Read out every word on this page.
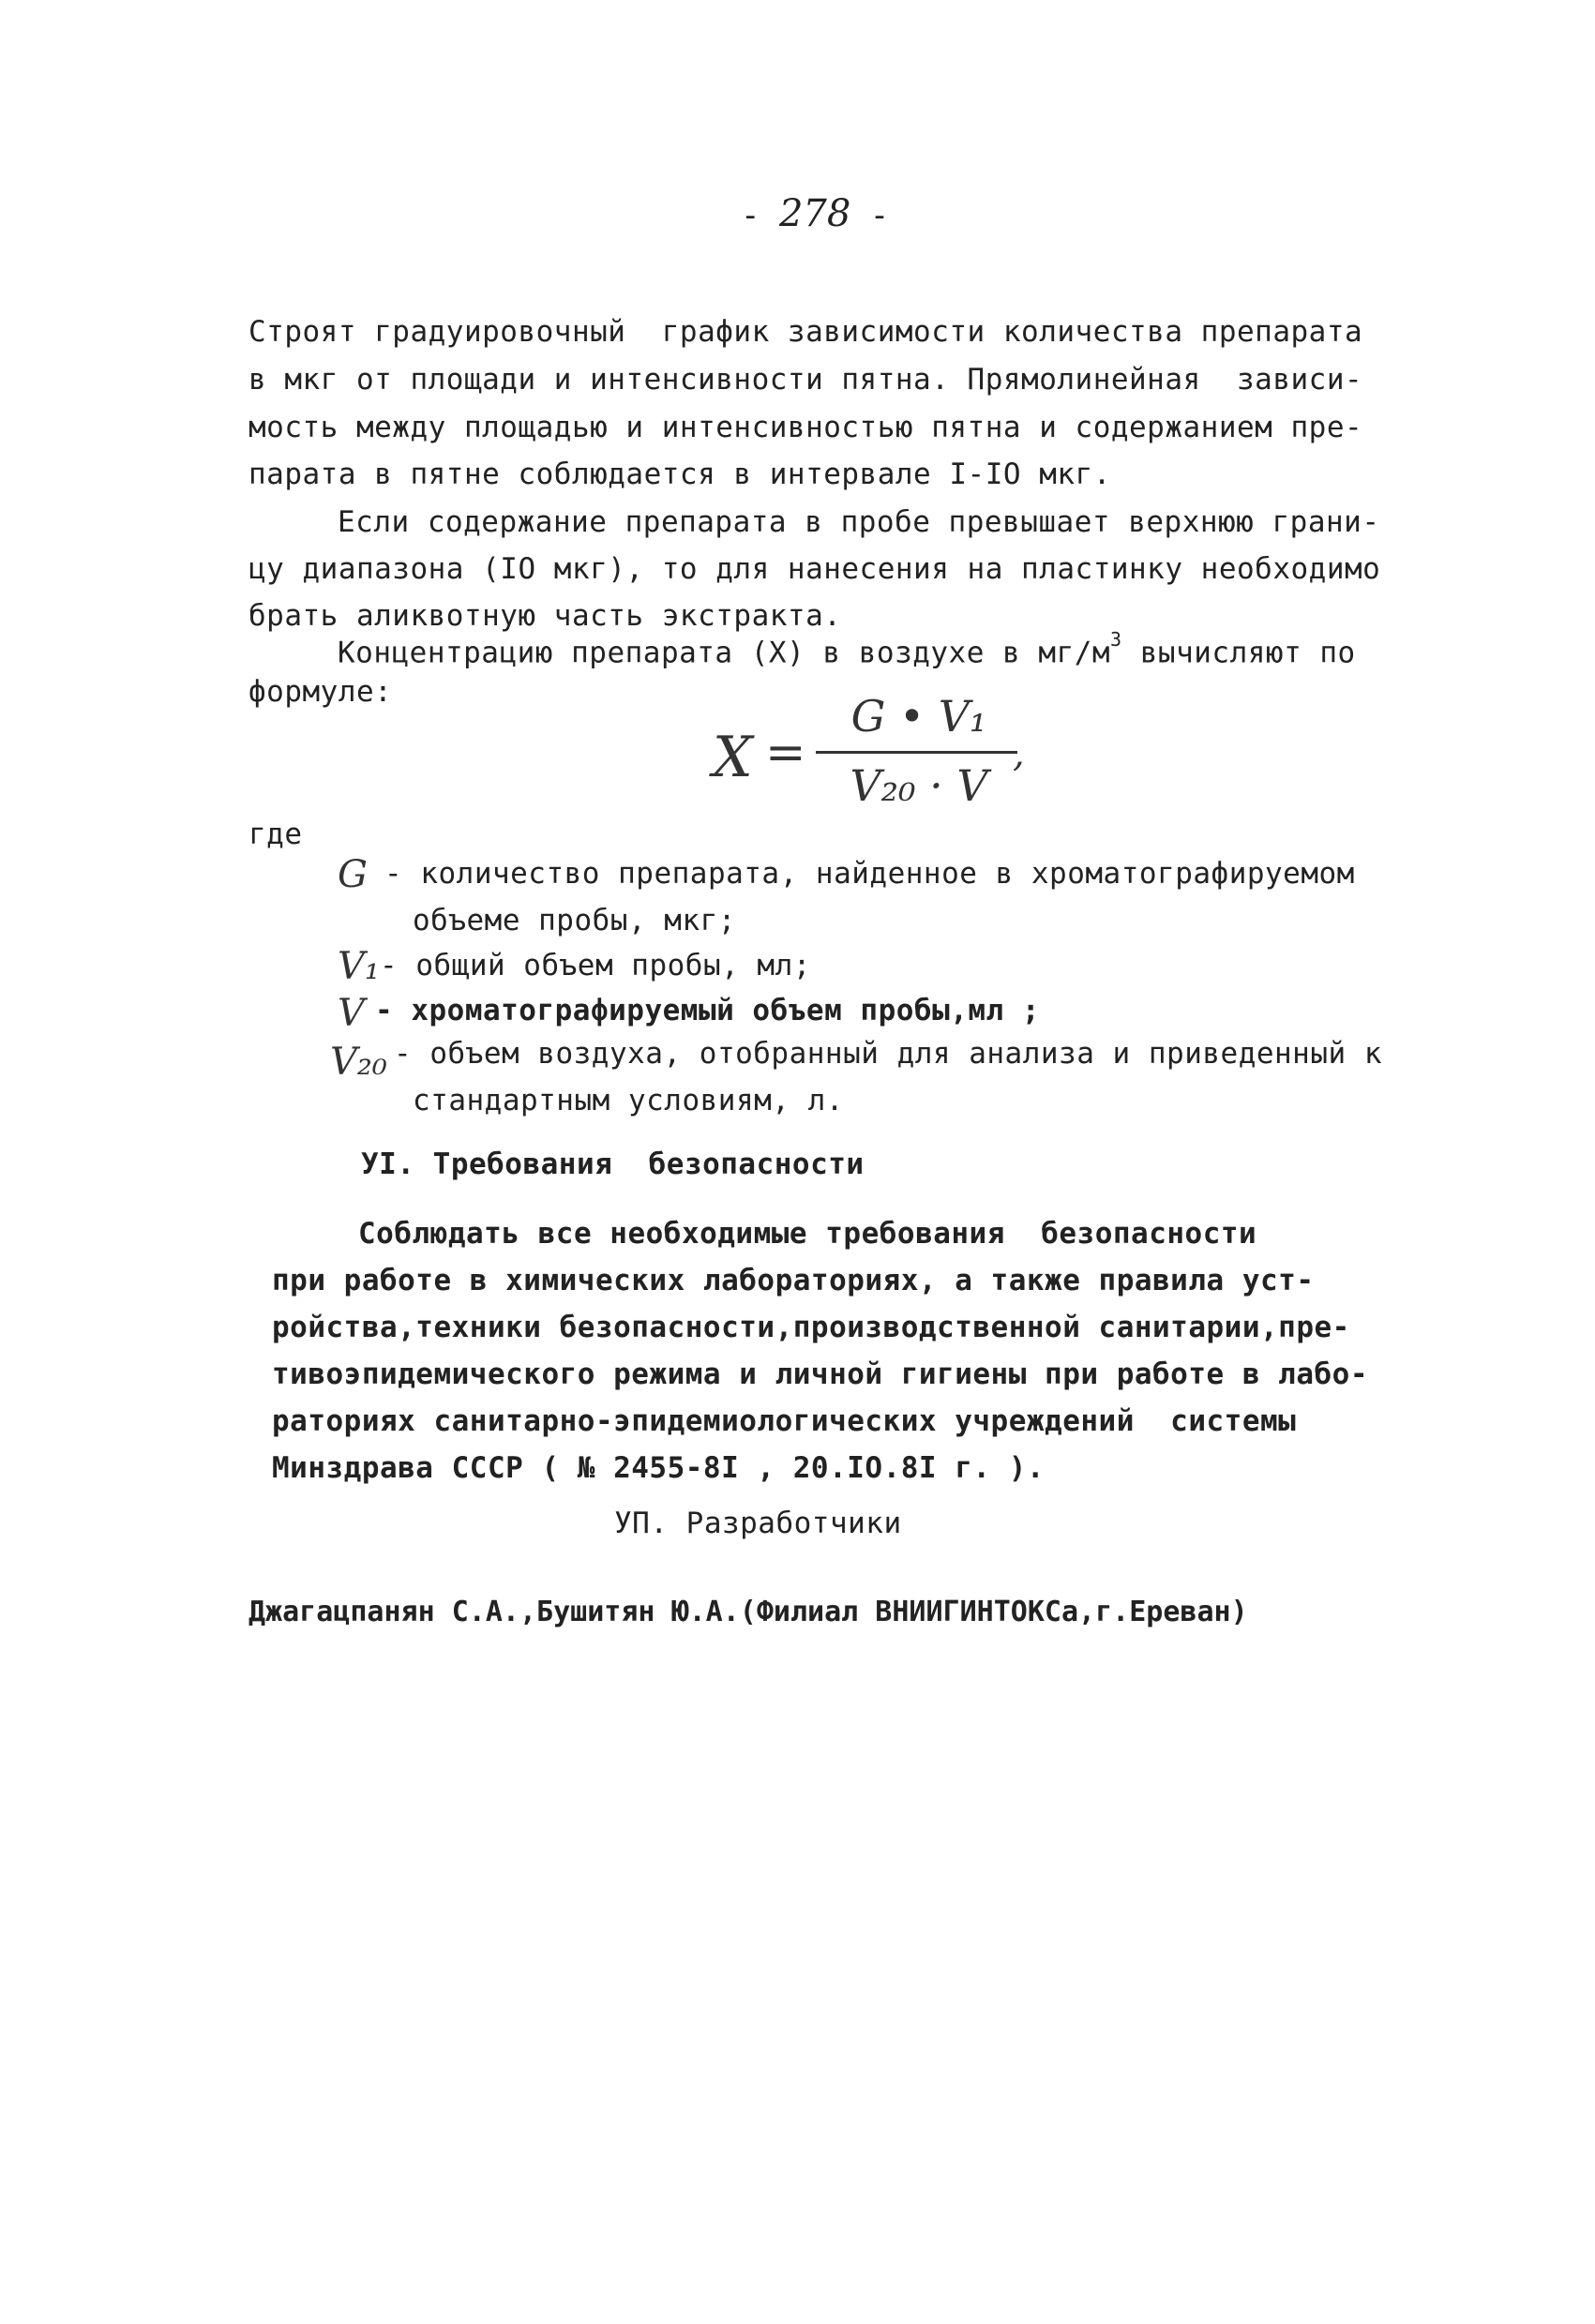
- 278 -
Строят градуировочный  график зависимости количества препарата
в мкг от площади и интенсивности пятна. Прямолинейная  зависи-
мость между площадью и интенсивностью пятна и содержанием пре-
парата в пятне соблюдается в интервале I-IO мкг.
Если содержание препарата в пробе превышает верхнюю грани-
цу диапазона (IO мкг), то для нанесения на пластинку необходимо
брать аликвотную часть экстракта.
Концентрацию препарата (X) в воздухе в $мг/м^3$ вычисляют по
формуле:
X =
G • V₁
V₂₀ · V
,
где
G - количество препарата, найденное в хроматографируемом
объеме пробы, мкг;
V₁ - общий объем пробы, мл;
V - хроматографируемый объем пробы,мл ;
V₂₀ - объем воздуха, отобранный для анализа и приведенный к
стандартным условиям, л.
УI. Требования  безопасности
Соблюдать все необходимые требования  безопасности
при работе в химических лабораториях, а также правила уст-
ройства,техники безопасности,производственной санитарии,пре-
тивоэпидемического режима и личной гигиены при работе в лабо-
раториях санитарно-эпидемиологических учреждений  системы
Минздрава СССР ( № 2455-8I , 20.IO.8I г. ).
УП. Разработчики
Джагацпанян С.А.,Бушитян Ю.А.(Филиал ВНИИГИНТОКСа,г.Ереван)
